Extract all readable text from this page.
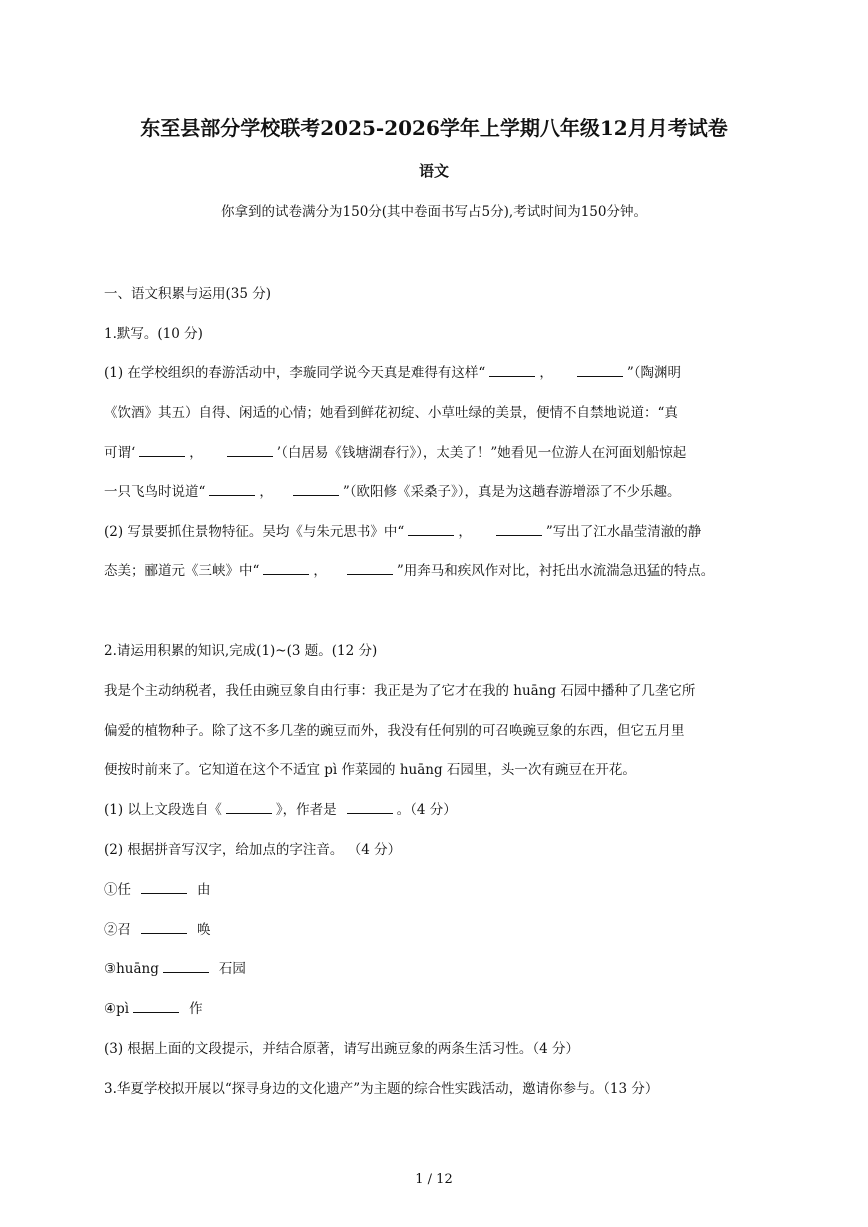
东至县部分学校联考2025-2026学年上学期八年级12月月考试卷
语文
你拿到的试卷满分为150分(其中卷面书写占5分),考试时间为150分钟。
一、语文积累与运用(35 分)
1.默写。(10 分)
(1) 在学校组织的春游活动中，李璇同学说今天真是难得有这样“	，	”（陶渊明
《饮酒》其五）自得、闲适的心情；她看到鲜花初绽、小草吐绿的美景，便情不自禁地说道：“真
可谓‘	，	’（白居易《钱塘湖春行》），太美了！”她看见一位游人在河面划船惊起
一只飞鸟时说道“	，	”（欧阳修《采桑子》），真是为这趟春游增添了不少乐趣。
(2) 写景要抓住景物特征。吴均《与朱元思书》中“	，	”写出了江水晶莹清澈的静
态美；郦道元《三峡》中“	，	”用奔马和疾风作对比，衬托出水流湍急迅猛的特点。
2.请运用积累的知识,完成(1)~(3 题。(12 分)
我是个主动纳税者，我任由豌豆象自由行事：我正是为了它才在我的 huāng 石园中播种了几垄它所
偏爱的植物种子。除了这不多几垄的豌豆而外，我没有任何别的可召唤豌豆象的东西，但它五月里
便按时前来了。它知道在这个不适宜 pì 作菜园的 huāng 石园里，头一次有豌豆在开花。
(1) 以上文段选自《	》，作者是	。（4 分）
(2) 根据拼音写汉字，给加点的字注音。 （4 分）
①任	由
②召	唤
③huāng	石园
④pì	作
(3) 根据上面的文段提示，并结合原著，请写出豌豆象的两条生活习性。（4 分）
3.华夏学校拟开展以“探寻身边的文化遗产”为主题的综合性实践活动，邀请你参与。（13 分）
1 / 12
